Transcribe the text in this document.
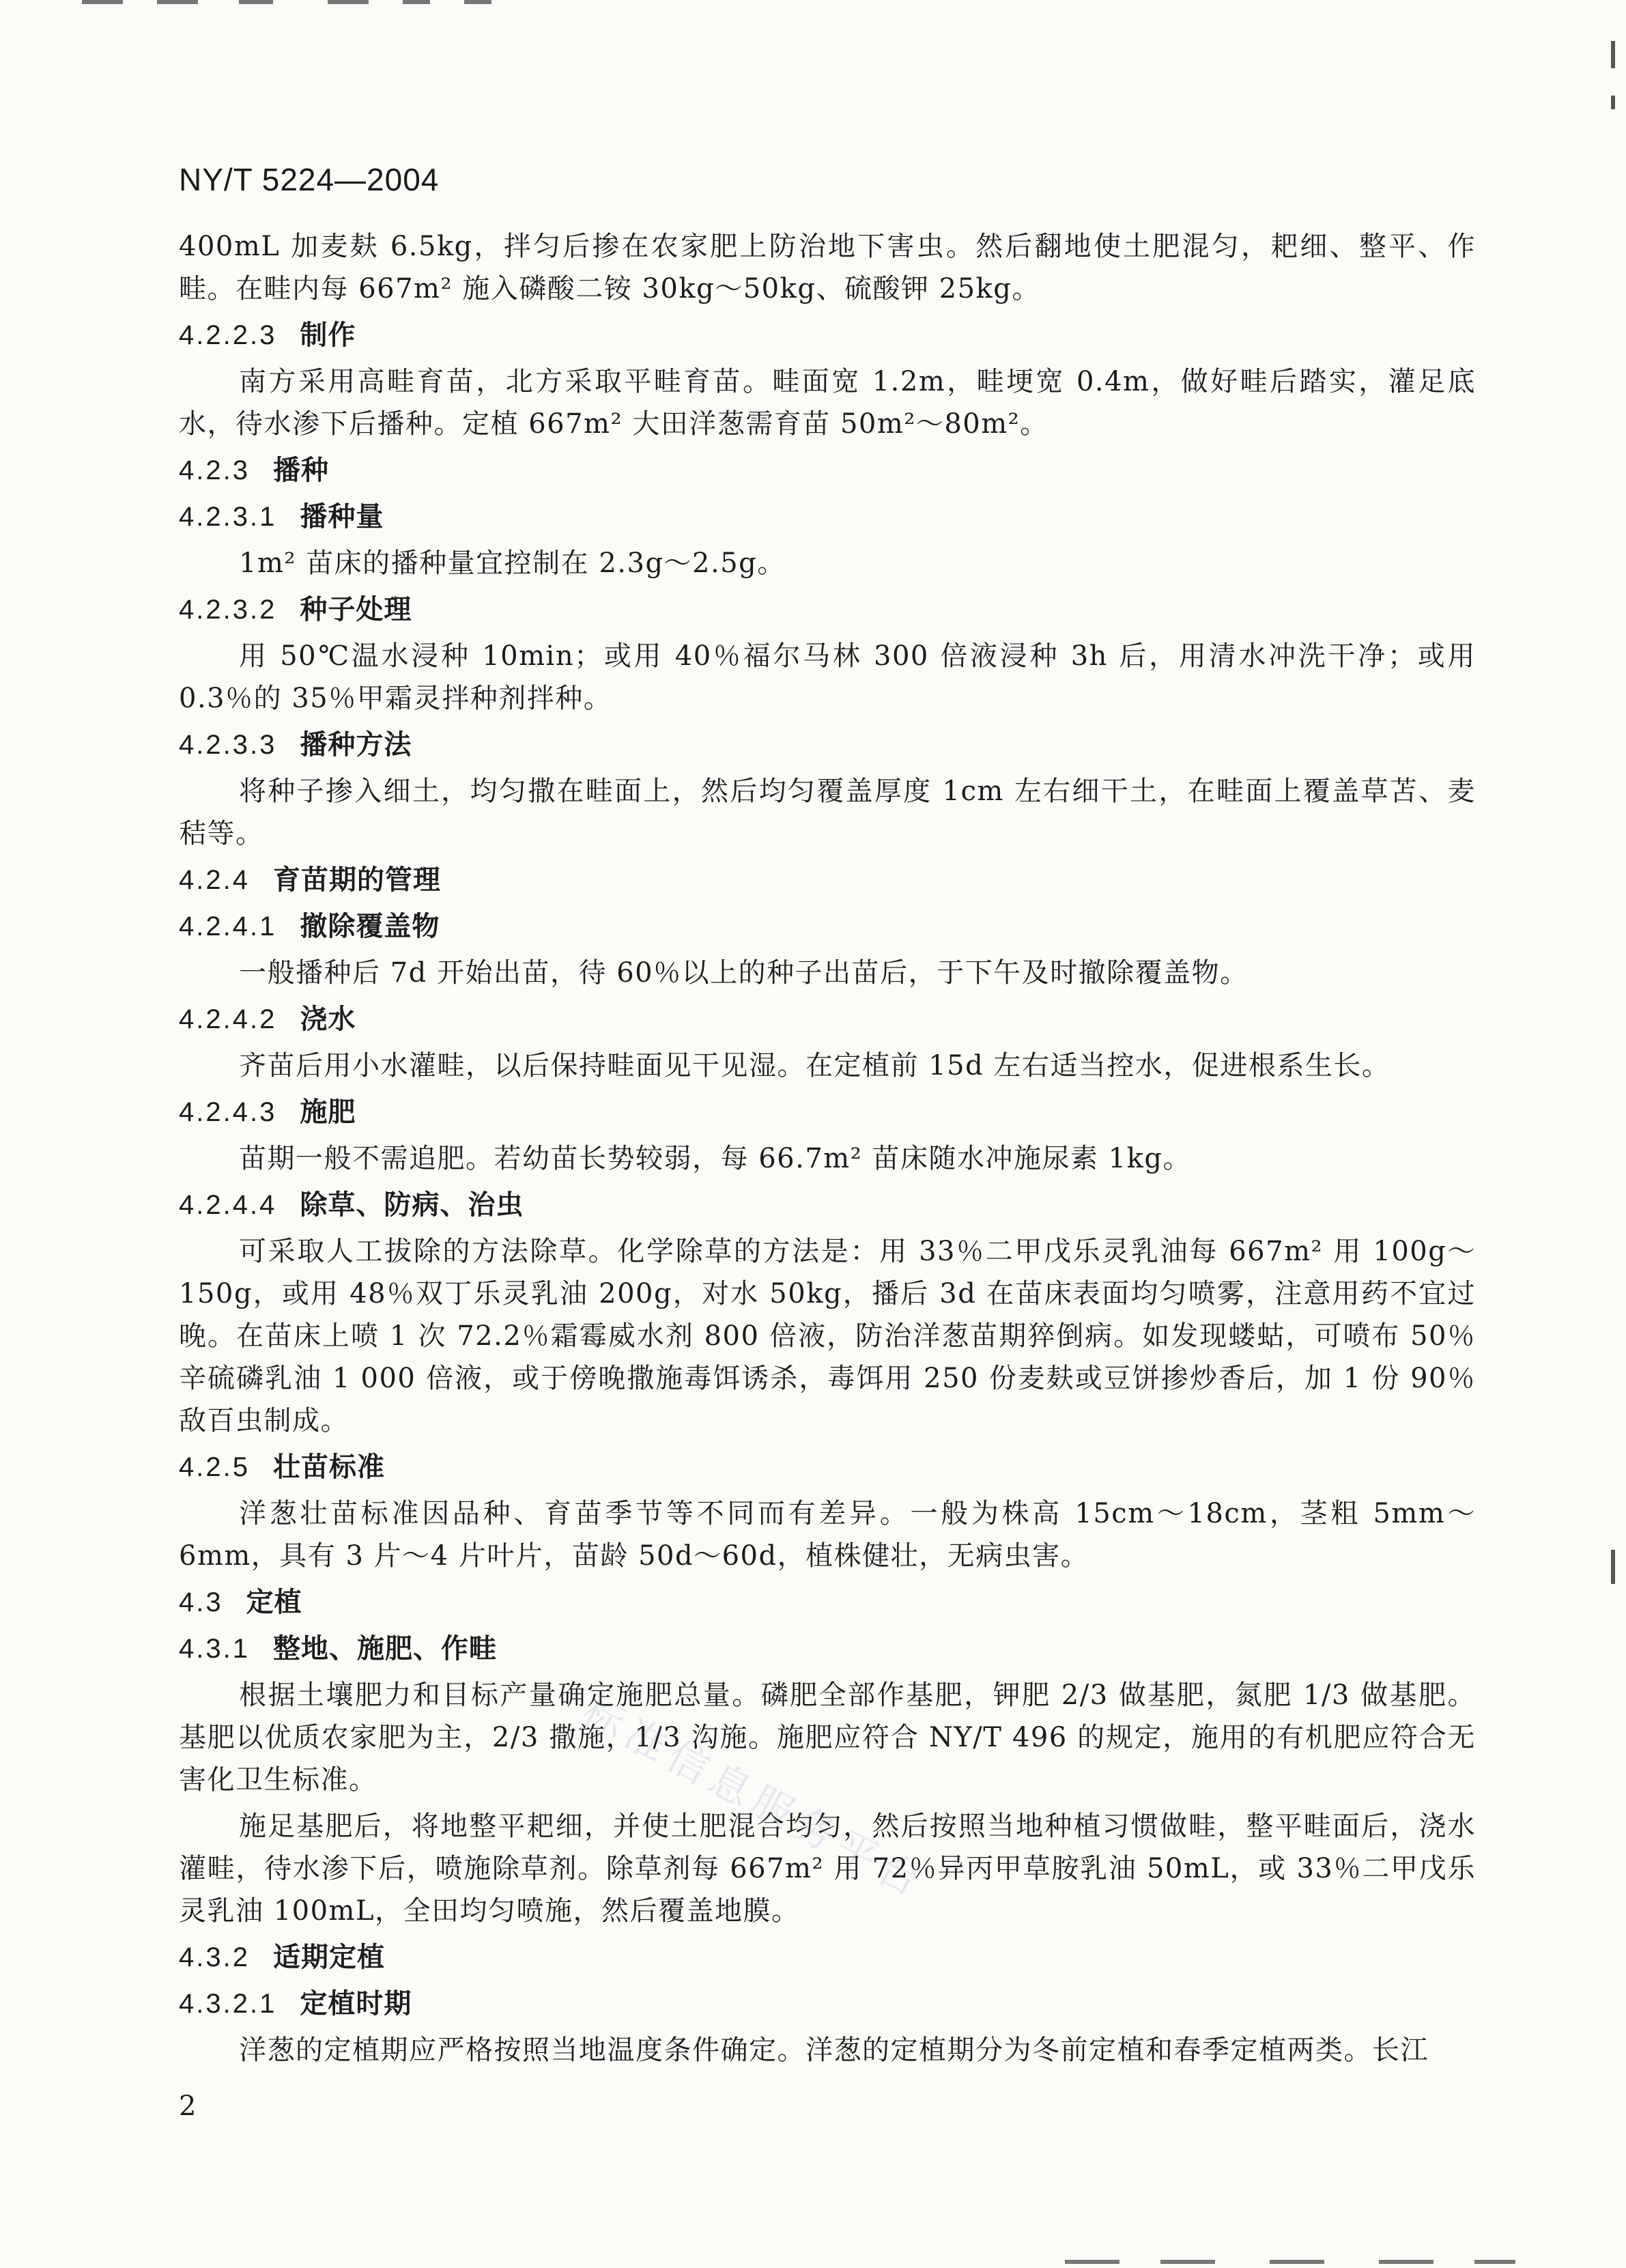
NY/T 5224—2004

400mL 加麦麸 6.5kg，拌匀后掺在农家肥上防治地下害虫。然后翻地使土肥混匀，耙细、整平、作畦。在畦内每 667m² 施入磷酸二铵 30kg～50kg、硫酸钾 25kg。

4.2.2.3 制作

南方采用高畦育苗，北方采取平畦育苗。畦面宽 1.2m，畦埂宽 0.4m，做好畦后踏实，灌足底水，待水渗下后播种。定植 667m² 大田洋葱需育苗 50m²～80m²。

4.2.3 播种
4.2.3.1 播种量

1m² 苗床的播种量宜控制在 2.3g～2.5g。

4.2.3.2 种子处理

用 50℃温水浸种 10min；或用 40％福尔马林 300 倍液浸种 3h 后，用清水冲洗干净；或用 0.3％的 35％甲霜灵拌种剂拌种。

4.2.3.3 播种方法

将种子掺入细土，均匀撒在畦面上，然后均匀覆盖厚度 1cm 左右细干土，在畦面上覆盖草苫、麦秸等。

4.2.4 育苗期的管理
4.2.4.1 撤除覆盖物

一般播种后 7d 开始出苗，待 60％以上的种子出苗后，于下午及时撤除覆盖物。

4.2.4.2 浇水

齐苗后用小水灌畦，以后保持畦面见干见湿。在定植前 15d 左右适当控水，促进根系生长。

4.2.4.3 施肥

苗期一般不需追肥。若幼苗长势较弱，每 66.7m² 苗床随水冲施尿素 1kg。

4.2.4.4 除草、防病、治虫

可采取人工拔除的方法除草。化学除草的方法是：用 33％二甲戊乐灵乳油每 667m² 用 100g～150g，或用 48％双丁乐灵乳油 200g，对水 50kg，播后 3d 在苗床表面均匀喷雾，注意用药不宜过晚。在苗床上喷 1 次 72.2％霜霉威水剂 800 倍液，防治洋葱苗期猝倒病。如发现蝼蛄，可喷布 50％辛硫磷乳油 1 000 倍液，或于傍晚撒施毒饵诱杀，毒饵用 250 份麦麸或豆饼掺炒香后，加 1 份 90％敌百虫制成。

4.2.5 壮苗标准

洋葱壮苗标准因品种、育苗季节等不同而有差异。一般为株高 15cm～18cm，茎粗 5mm～6mm，具有 3 片～4 片叶片，苗龄 50d～60d，植株健壮，无病虫害。

4.3 定植
4.3.1 整地、施肥、作畦

根据土壤肥力和目标产量确定施肥总量。磷肥全部作基肥，钾肥 2/3 做基肥，氮肥 1/3 做基肥。基肥以优质农家肥为主，2/3 撒施，1/3 沟施。施肥应符合 NY/T 496 的规定，施用的有机肥应符合无害化卫生标准。

施足基肥后，将地整平耙细，并使土肥混合均匀，然后按照当地种植习惯做畦，整平畦面后，浇水灌畦，待水渗下后，喷施除草剂。除草剂每 667m² 用 72％异丙甲草胺乳油 50mL，或 33％二甲戊乐灵乳油 100mL，全田均匀喷施，然后覆盖地膜。

4.3.2 适期定植
4.3.2.1 定植时期

洋葱的定植期应严格按照当地温度条件确定。洋葱的定植期分为冬前定植和春季定植两类。长江

标准信息服务平台
2
